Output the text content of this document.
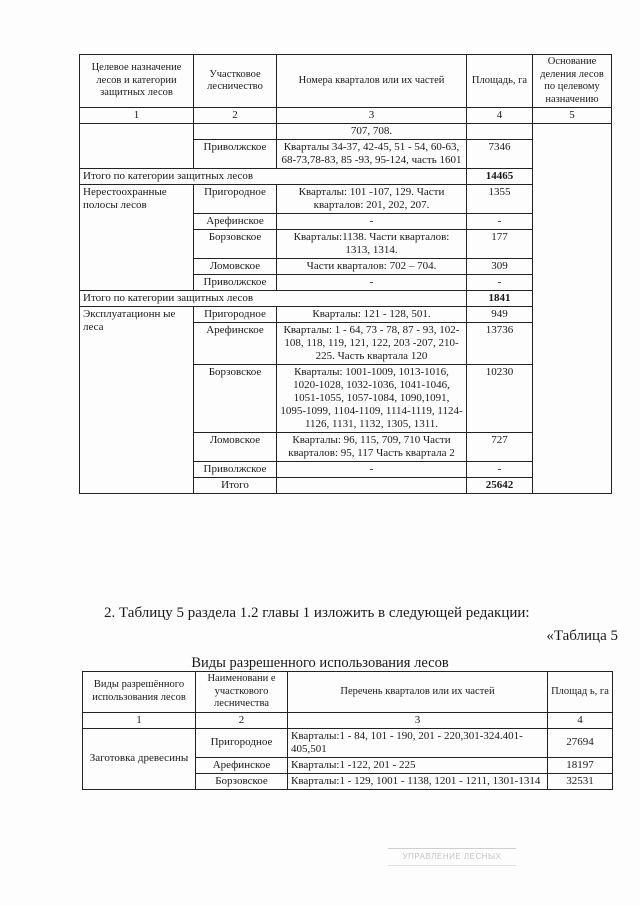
Целевое назначение лесов и категории защитных лесов	Участковое лесничество	Номера кварталов или их частей	Площадь, га	Основание деления лесов по целевому назначению
1	2	3	4	5
		707, 708.		
	Приволжское	Кварталы 34-37, 42-45, 51 - 54, 60-63, 68-73,78-83, 85 -93, 95-124, часть 1601	7346	
Итого по категории защитных лесов			14465	
Нерестоохранные полосы лесов	Пригородное	Кварталы: 101 -107, 129. Части кварталов: 201, 202, 207.	1355	
	Арефинское	-	-	
	Борзовское	Кварталы:1138. Части кварталов: 1313, 1314.	177	
	Ломовское	Части кварталов: 702 – 704.	309	
	Приволжское	-	-	
Итого по категории защитных лесов			1841	
Эксплуатационн ые леса	Пригородное	Кварталы: 121 - 128, 501.	949	
	Арефинское	Кварталы: 1 - 64, 73 - 78, 87 - 93, 102- 108, 118, 119, 121, 122, 203 -207, 210-225. Часть квартала 120	13736	
	Борзовское	Кварталы: 1001-1009, 1013-1016, 1020-1028, 1032-1036, 1041-1046, 1051-1055, 1057-1084, 1090,1091, 1095-1099, 1104-1109, 1114-1119, 1124-1126, 1131, 1132, 1305, 1311.	10230	
	Ломовское	Кварталы: 96, 115, 709, 710 Части кварталов: 95, 117 Часть квартала 2	727	
	Приволжское	-	-	
	Итого		25642	
2. Таблицу 5 раздела 1.2 главы 1 изложить в следующей редакции:
«Таблица 5
Виды разрешенного использования лесов
Виды разрешённого использования лесов	Наименовани е участкового лесничества	Перечень кварталов или их частей	Площад ь, га
1	2	3	4
Заготовка древесины	Пригородное	Кварталы:1 - 84, 101 - 190, 201 - 220,301-324.401-405,501	27694
	Арефинское	Кварталы:1 -122, 201 - 225	18197
	Борзовское	Кварталы:1 - 129, 1001 - 1138, 1201 - 1211, 1301-1314	32531
УПРАВЛЕНИЕ ЛЕСНЫХ
